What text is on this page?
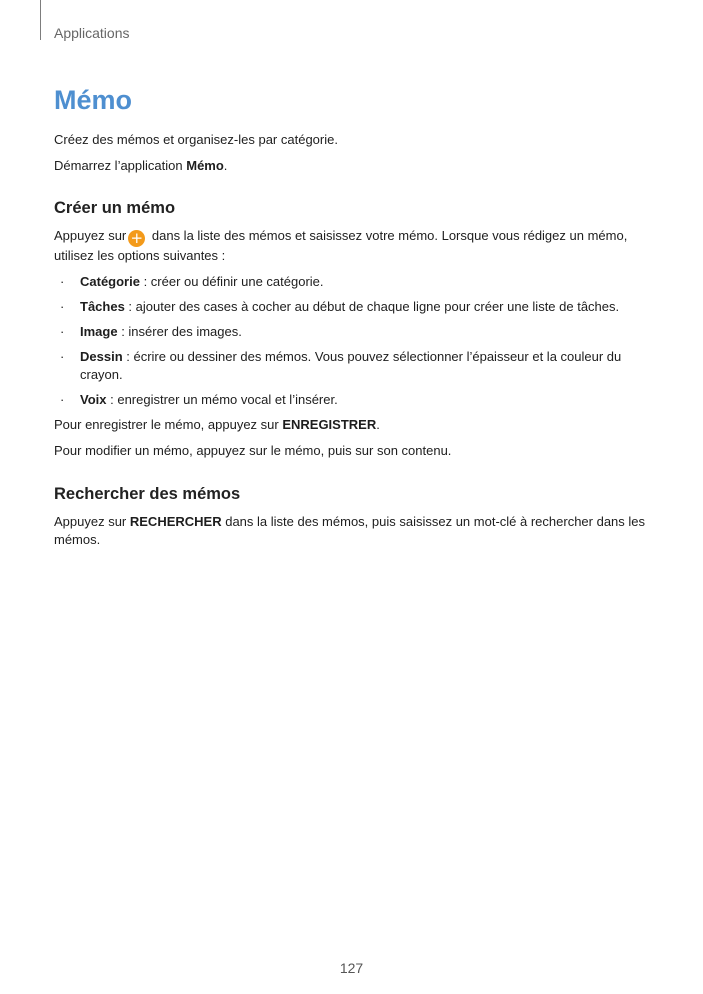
Applications
Mémo

Créez des mémos et organisez-les par catégorie.

Démarrez l’application Mémo.

Créer un mémo

Appuyez sur + dans la liste des mémos et saisissez votre mémo. Lorsque vous rédigez un mémo, utilisez les options suivantes :

· Catégorie : créer ou définir une catégorie.
· Tâches : ajouter des cases à cocher au début de chaque ligne pour créer une liste de tâches.
· Image : insérer des images.
· Dessin : écrire ou dessiner des mémos. Vous pouvez sélectionner l’épaisseur et la couleur du crayon.
· Voix : enregistrer un mémo vocal et l’insérer.

Pour enregistrer le mémo, appuyez sur ENREGISTRER.

Pour modifier un mémo, appuyez sur le mémo, puis sur son contenu.

Rechercher des mémos

Appuyez sur RECHERCHER dans la liste des mémos, puis saisissez un mot-clé à rechercher dans les mémos.

127
